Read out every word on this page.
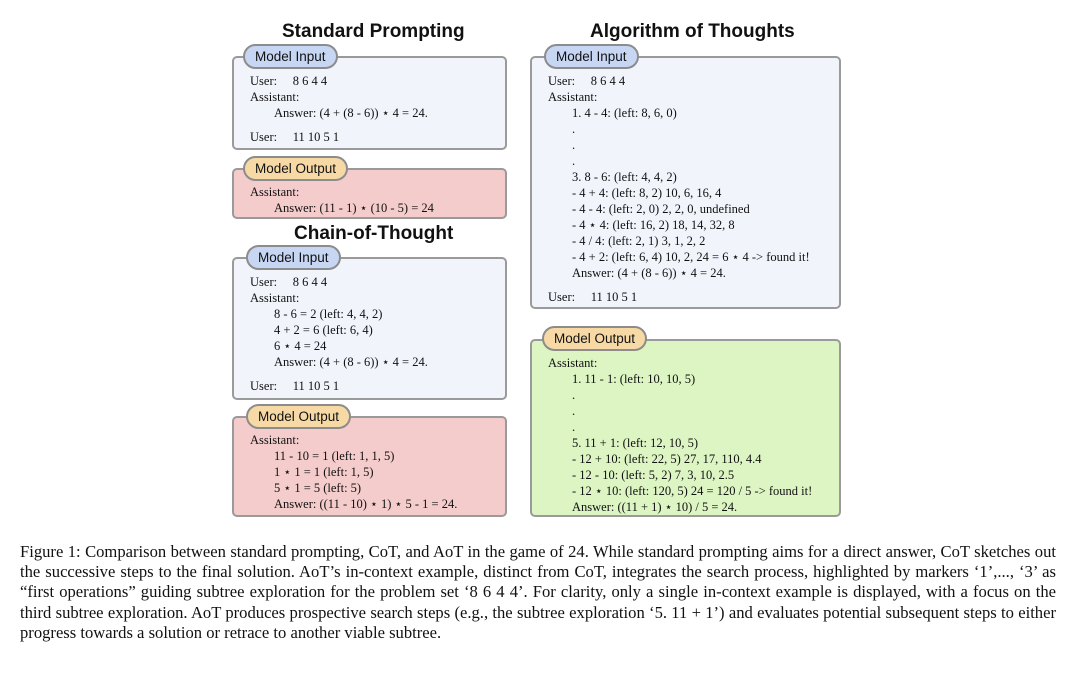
Standard Prompting
Chain-of-Thought
Algorithm of Thoughts
User:     8 6 4 4
Assistant:
Answer: (4 + (8 - 6)) ⋆ 4 = 24.
User:     11 10 5 1
Model Input
Assistant:
Answer: (11 - 1) ⋆ (10 - 5) = 24
Model Output
User:     8 6 4 4
Assistant:
8 - 6 = 2 (left: 4, 4, 2)
4 + 2 = 6 (left: 6, 4)
6 ⋆ 4 = 24
Answer: (4 + (8 - 6)) ⋆ 4 = 24.
User:     11 10 5 1
Model Input
Assistant:
11 - 10 = 1 (left: 1, 1, 5)
1 ⋆ 1 = 1 (left: 1, 5)
5 ⋆ 1 = 5 (left: 5)
Answer: ((11 - 10) ⋆ 1) ⋆ 5 - 1 = 24.
Model Output
User:     8 6 4 4
Assistant:
1. 4 - 4: (left: 8, 6, 0)
.
.
.
3. 8 - 6: (left: 4, 4, 2)
- 4 + 4: (left: 8, 2) 10, 6, 16, 4
- 4 - 4: (left: 2, 0) 2, 2, 0, undefined
- 4 ⋆ 4: (left: 16, 2) 18, 14, 32, 8
- 4 / 4: (left: 2, 1) 3, 1, 2, 2
- 4 + 2: (left: 6, 4) 10, 2, 24 = 6 ⋆ 4 -> found it!
Answer: (4 + (8 - 6)) ⋆ 4 = 24.
User:     11 10 5 1
Model Input
Assistant:
1. 11 - 1: (left: 10, 10, 5)
.
.
.
5. 11 + 1: (left: 12, 10, 5)
- 12 + 10: (left: 22, 5) 27, 17, 110, 4.4
- 12 - 10: (left: 5, 2) 7, 3, 10, 2.5
- 12 ⋆ 10: (left: 120, 5) 24 = 120 / 5 -> found it!
Answer: ((11 + 1) ⋆ 10) / 5 = 24.
Model Output
Figure 1: Comparison between standard prompting, CoT, and AoT in the game of 24. While standard prompting aims for a direct answer, CoT sketches out the successive steps to the final solution. AoT’s in-context example, distinct from CoT, integrates the search process, highlighted by markers ‘1’,..., ‘3’ as “first operations” guiding subtree exploration for the problem set ‘8 6 4 4’. For clarity, only a single in-context example is displayed, with a focus on the third subtree exploration. AoT produces prospective search steps (e.g., the subtree exploration ‘5. 11 + 1’) and evaluates potential subsequent steps to either progress towards a solution or retrace to another viable subtree.
